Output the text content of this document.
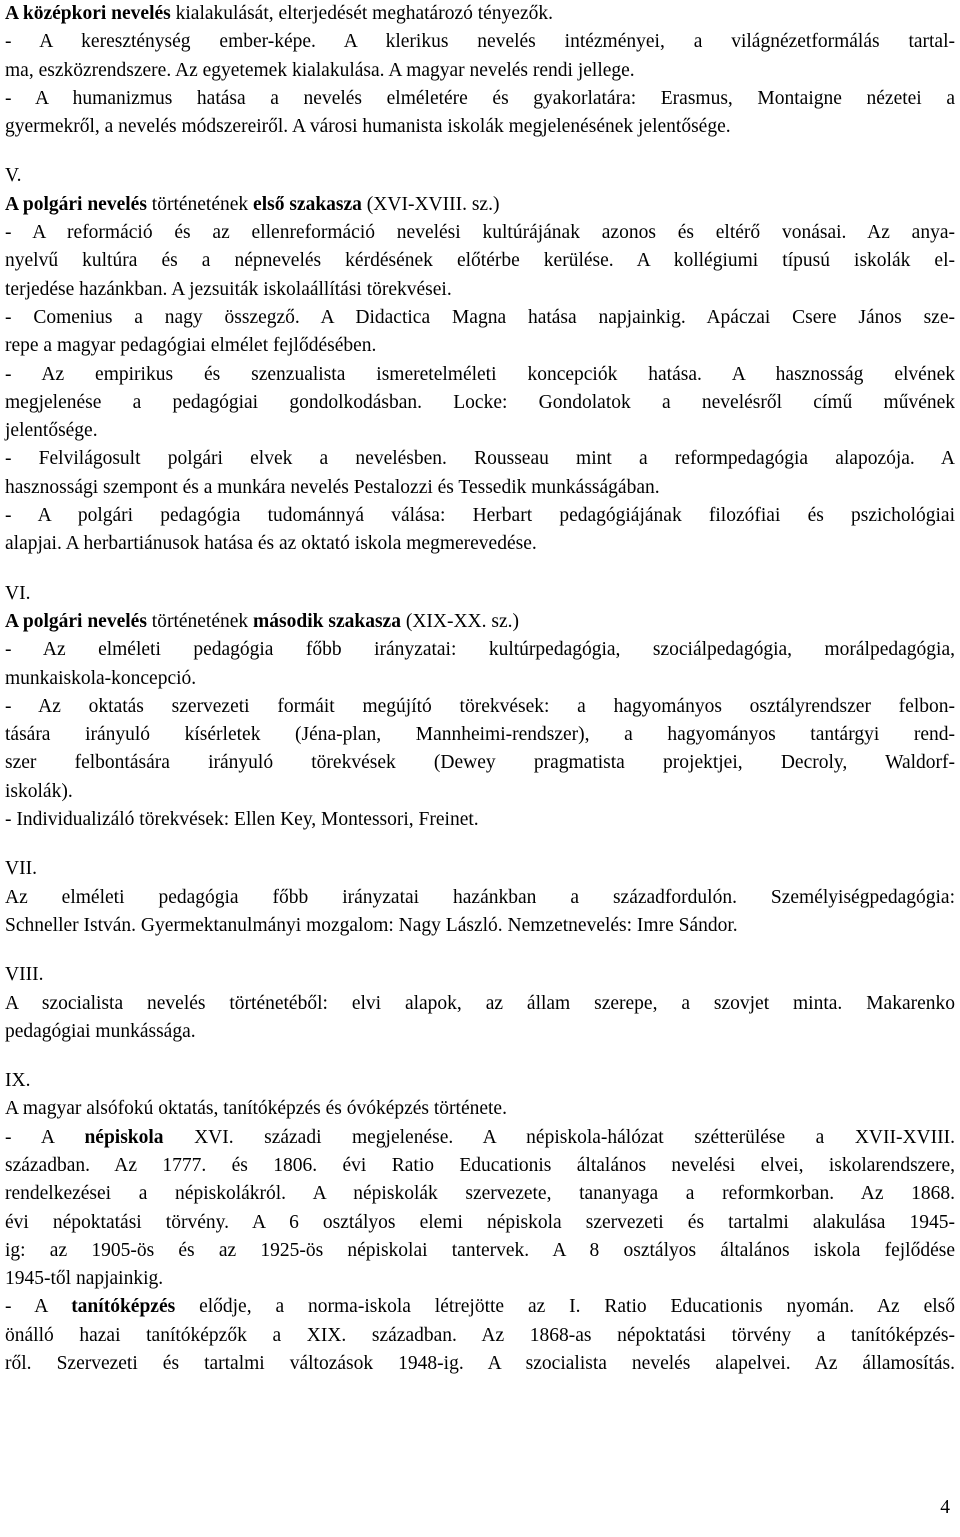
A középkori nevelés kialakulását, elterjedését meghatározó tényezők.
- A kereszténység ember-képe. A klerikus nevelés intézményei, a világnézetformálás tartal-
ma, eszközrendszere. Az egyetemek kialakulása. A magyar nevelés rendi jellege.
- A humanizmus hatása a nevelés elméletére és gyakorlatára: Erasmus, Montaigne nézetei a
gyermekről, a nevelés módszereiről. A városi humanista iskolák megjelenésének jelentősége.
V.
A polgári nevelés történetének első szakasza (XVI-XVIII. sz.)
- A reformáció és az ellenreformáció nevelési kultúrájának azonos és eltérő vonásai. Az anya-
nyelvű kultúra és a népnevelés kérdésének előtérbe kerülése. A kollégiumi típusú iskolák el-
terjedése hazánkban. A jezsuiták iskolaállítási törekvései.
- Comenius a nagy összegző. A Didactica Magna hatása napjainkig. Apáczai Csere János sze-
repe a magyar pedagógiai elmélet fejlődésében.
- Az empirikus és szenzualista ismeretelméleti koncepciók hatása. A hasznosság elvének
megjelenése a pedagógiai gondolkodásban. Locke: Gondolatok a nevelésről című művének
jelentősége.
- Felvilágosult polgári elvek a nevelésben. Rousseau mint a reformpedagógia alapozója. A
hasznossági szempont és a munkára nevelés Pestalozzi és Tessedik munkásságában.
- A polgári pedagógia tudománnyá válása: Herbart pedagógiájának filozófiai és pszichológiai
alapjai. A herbartiánusok hatása és az oktató iskola megmerevedése.
VI.
A polgári nevelés történetének második szakasza (XIX-XX. sz.)
- Az elméleti pedagógia főbb irányzatai: kultúrpedagógia, szociálpedagógia, morálpedagógia,
munkaiskola-koncepció.
- Az oktatás szervezeti formáit megújító törekvések: a hagyományos osztályrendszer felbon-
tására irányuló kísérletek (Jéna-plan, Mannheimi-rendszer), a hagyományos tantárgyi rend-
szer felbontására irányuló törekvések (Dewey pragmatista projektjei, Decroly, Waldorf-
iskolák).
- Individualizáló törekvések: Ellen Key, Montessori, Freinet.
VII.
Az elméleti pedagógia főbb irányzatai hazánkban a századfordulón. Személyiségpedagógia:
Schneller István. Gyermektanulmányi mozgalom: Nagy László. Nemzetnevelés: Imre Sándor.
VIII.
A szocialista nevelés történetéből: elvi alapok, az állam szerepe, a szovjet minta. Makarenko
pedagógiai munkássága.
IX.
A magyar alsófokú oktatás, tanítóképzés és óvóképzés története.
- A népiskola XVI. századi megjelenése. A népiskola-hálózat szétterülése a XVII-XVIII.
században. Az 1777. és 1806. évi Ratio Educationis általános nevelési elvei, iskolarendszere,
rendelkezései a népiskolákról. A népiskolák szervezete, tananyaga a reformkorban. Az 1868.
évi népoktatási törvény. A 6 osztályos elemi népiskola szervezeti és tartalmi alakulása 1945-
ig: az 1905-ös és az 1925-ös népiskolai tantervek. A 8 osztályos általános iskola fejlődése
1945-től napjainkig.
- A tanítóképzés elődje, a norma-iskola létrejötte az I. Ratio Educationis nyomán. Az első
önálló hazai tanítóképzők a XIX. században. Az 1868-as népoktatási törvény a tanítóképzés-
ről. Szervezeti és tartalmi változások 1948-ig. A szocialista nevelés alapelvei. Az államosítás.
4
